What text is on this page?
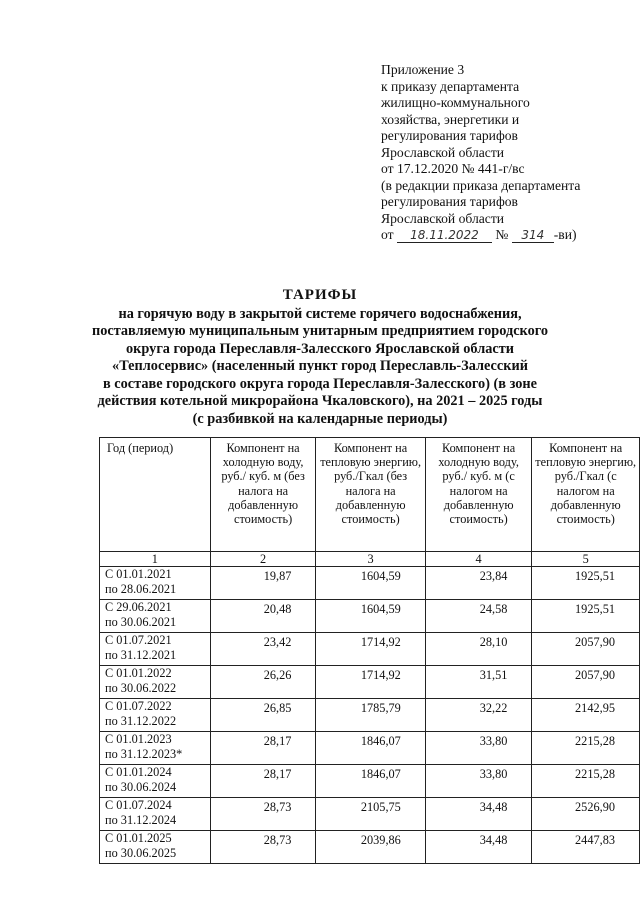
Приложение 3
к приказу департамента
жилищно-коммунального
хозяйства, энергетики и
регулирования тарифов
Ярославской области
от 17.12.2020 № 441-г/вс
(в редакции приказа департамента
регулирования тарифов
Ярославской области
от 18.11.2022 № 314 -ви)
ТАРИФЫ
на горячую воду в закрытой системе горячего водоснабжения,
поставляемую муниципальным унитарным предприятием городского
округа города Переславля-Залесского Ярославской области
«Теплосервис» (населенный пункт город Переславль-Залесский
в составе городского округа города Переславля-Залесского) (в зоне
действия котельной микрорайона Чкаловского), на 2021 – 2025 годы
(с разбивкой на календарные периоды)
Год (период)	Компонент на холодную воду, руб./ куб. м (без налога на добавленную стоимость)	Компонент на тепловую энергию, руб./Гкал (без налога на добавленную стоимость)	Компонент на холодную воду, руб./ куб. м (с налогом на добавленную стоимость)	Компонент на тепловую энергию, руб./Гкал (с налогом на добавленную стоимость)
1	2	3	4	5

С 01.01.2021
по 28.06.2021	19,87	1604,59	23,84	1925,51

С 29.06.2021
по 30.06.2021	20,48	1604,59	24,58	1925,51

С 01.07.2021
по 31.12.2021	23,42	1714,92	28,10	2057,90

С 01.01.2022
по 30.06.2022	26,26	1714,92	31,51	2057,90

С 01.07.2022
по 31.12.2022	26,85	1785,79	32,22	2142,95

С 01.01.2023
по 31.12.2023*	28,17	1846,07	33,80	2215,28

С 01.01.2024
по 30.06.2024	28,17	1846,07	33,80	2215,28

С 01.07.2024
по 31.12.2024	28,73	2105,75	34,48	2526,90

С 01.01.2025
по 30.06.2025	28,73	2039,86	34,48	2447,83
